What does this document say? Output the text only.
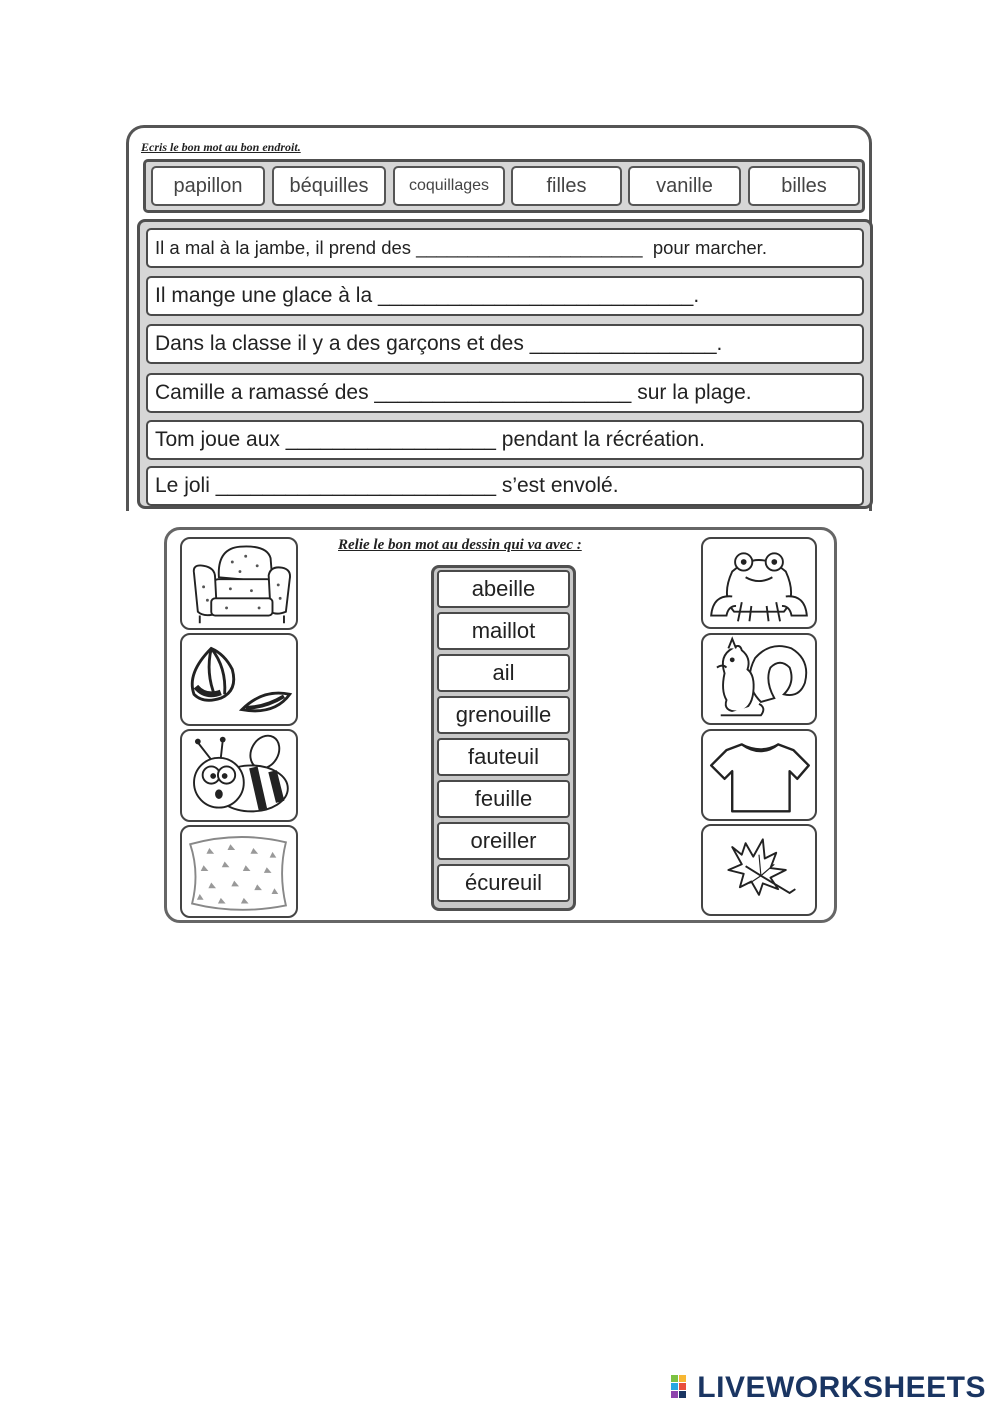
Ecris le bon mot au bon endroit.

papillon	béquilles	coquillages	filles	vanille	billes
Il a mal à la jambe, il prend des ______________________  pour marcher.
Il mange une glace à la ___________________________.
Dans la classe il y a des garçons et des ________________.
Camille a ramassé des ______________________ sur la plage.
Tom joue aux __________________ pendant la récréation.
Le joli ________________________ s’est envolé.

Relie le bon mot au dessin qui va avec :

abeille
maillot
ail
grenouille
fauteuil
feuille
oreiller
écureuil
LIVEWORKSHEETS
